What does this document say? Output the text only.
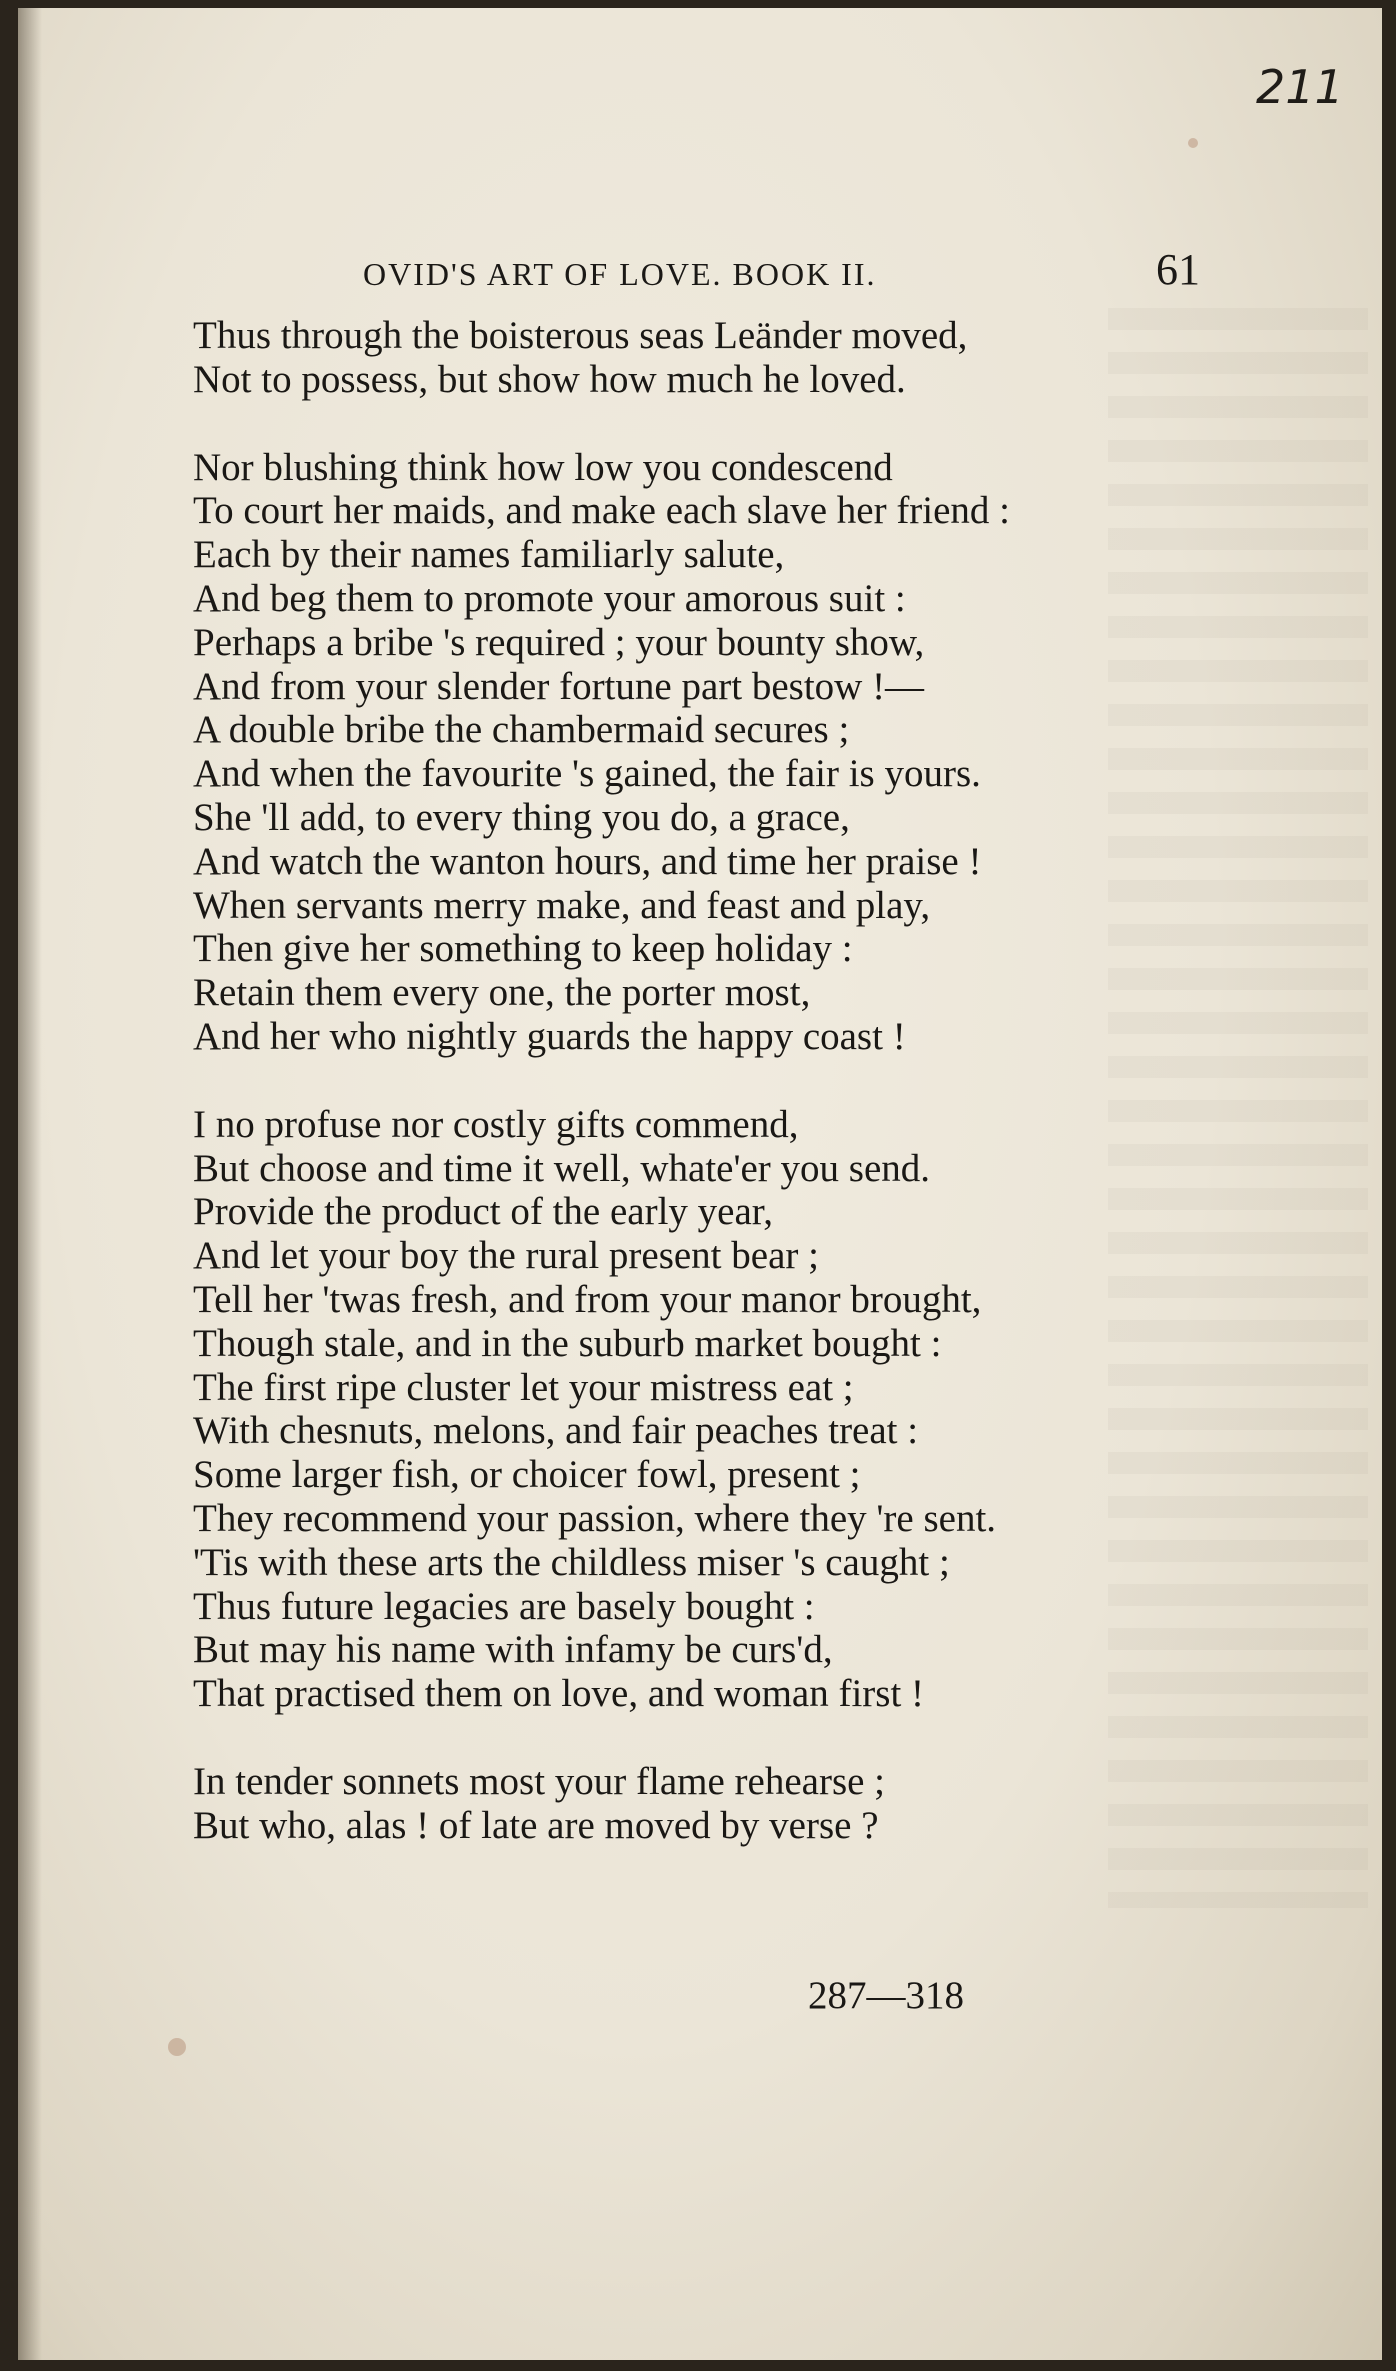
211
OVID'S ART OF LOVE. BOOK II.	61
Thus through the boisterous seas Leänder moved,
Not to possess, but show how much he loved.
Nor blushing think how low you condescend
To court her maids, and make each slave her friend :
Each by their names familiarly salute,
And beg them to promote your amorous suit :
Perhaps a bribe 's required ; your bounty show,
And from your slender fortune part bestow !—
A double bribe the chambermaid secures ;
And when the favourite 's gained, the fair is yours.
She 'll add, to every thing you do, a grace,
And watch the wanton hours, and time her praise !
When servants merry make, and feast and play,
Then give her something to keep holiday :
Retain them every one, the porter most,
And her who nightly guards the happy coast !
I no profuse nor costly gifts commend,
But choose and time it well, whate'er you send.
Provide the product of the early year,
And let your boy the rural present bear ;
Tell her 'twas fresh, and from your manor brought,
Though stale, and in the suburb market bought :
The first ripe cluster let your mistress eat ;
With chesnuts, melons, and fair peaches treat :
Some larger fish, or choicer fowl, present ;
They recommend your passion, where they 're sent.
'Tis with these arts the childless miser 's caught ;
Thus future legacies are basely bought :
But may his name with infamy be curs'd,
That practised them on love, and woman first !
In tender sonnets most your flame rehearse ;
But who, alas ! of late are moved by verse ?
287—318
